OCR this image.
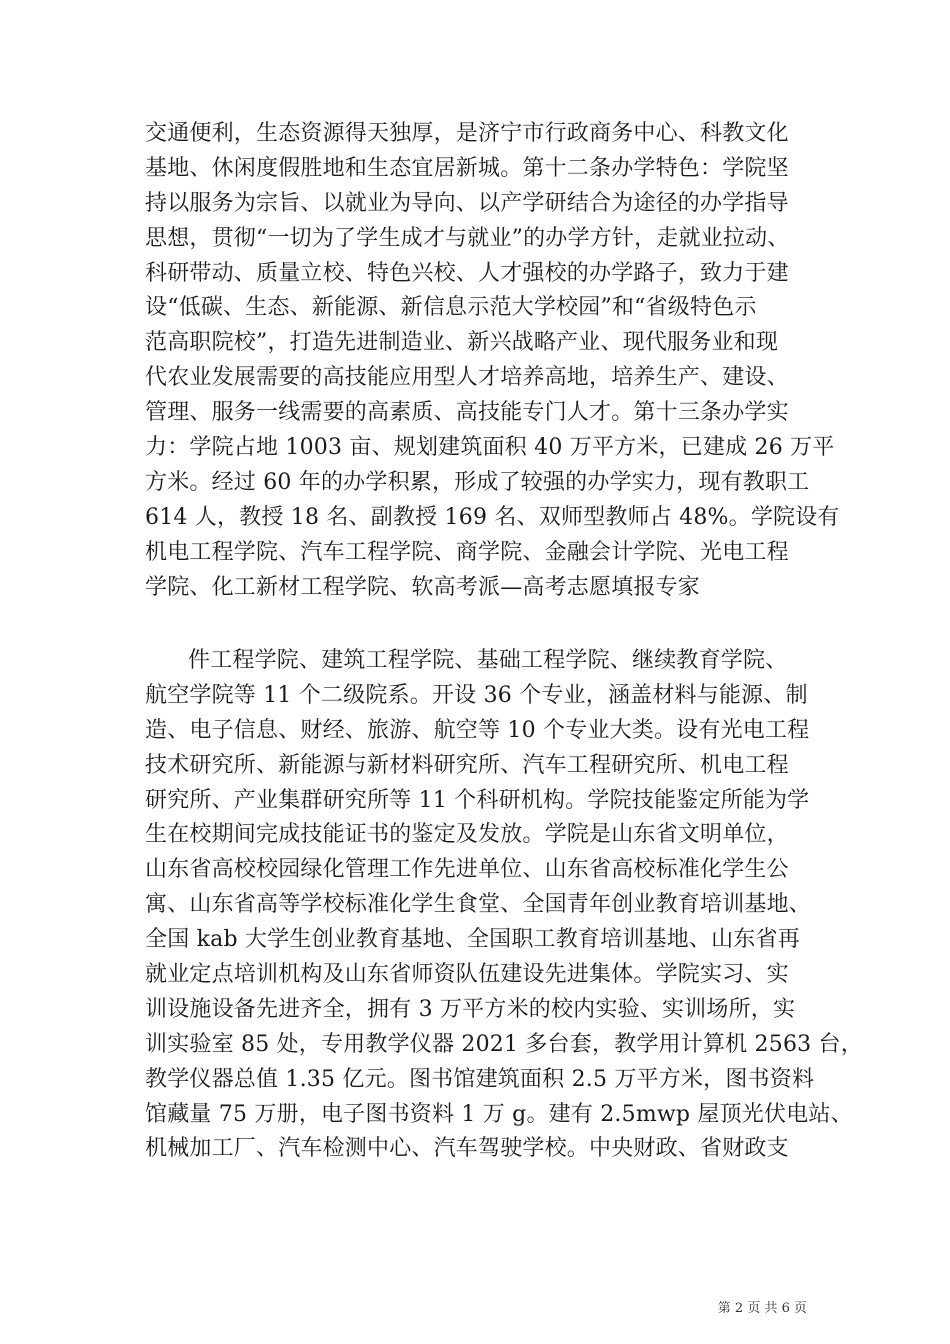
交通便利，生态资源得天独厚，是济宁市行政商务中心、科教文化
基地、休闲度假胜地和生态宜居新城。第十二条办学特色：学院坚
持以服务为宗旨、以就业为导向、以产学研结合为途径的办学指导
思想，贯彻“一切为了学生成才与就业”的办学方针，走就业拉动、
科研带动、质量立校、特色兴校、人才强校的办学路子，致力于建
设“低碳、生态、新能源、新信息示范大学校园”和“省级特色示
范高职院校”，打造先进制造业、新兴战略产业、现代服务业和现
代农业发展需要的高技能应用型人才培养高地，培养生产、建设、
管理、服务一线需要的高素质、高技能专门人才。第十三条办学实
力：学院占地 1003 亩、规划建筑面积 40 万平方米，已建成 26 万平
方米。经过 60 年的办学积累，形成了较强的办学实力，现有教职工
614 人，教授 18 名、副教授 169 名、双师型教师占 48%。学院设有
机电工程学院、汽车工程学院、商学院、金融会计学院、光电工程
学院、化工新材工程学院、软高考派—高考志愿填报专家
件工程学院、建筑工程学院、基础工程学院、继续教育学院、
航空学院等 11 个二级院系。开设 36 个专业，涵盖材料与能源、制
造、电子信息、财经、旅游、航空等 10 个专业大类。设有光电工程
技术研究所、新能源与新材料研究所、汽车工程研究所、机电工程
研究所、产业集群研究所等 11 个科研机构。学院技能鉴定所能为学
生在校期间完成技能证书的鉴定及发放。学院是山东省文明单位，
山东省高校校园绿化管理工作先进单位、山东省高校标准化学生公
寓、山东省高等学校标准化学生食堂、全国青年创业教育培训基地、
全国 kab 大学生创业教育基地、全国职工教育培训基地、山东省再
就业定点培训机构及山东省师资队伍建设先进集体。学院实习、实
训设施设备先进齐全，拥有 3 万平方米的校内实验、实训场所，实
训实验室 85 处，专用教学仪器 2021 多台套，教学用计算机 2563 台，
教学仪器总值 1.35 亿元。图书馆建筑面积 2.5 万平方米，图书资料
馆藏量 75 万册，电子图书资料 1 万 g。建有 2.5mwp 屋顶光伏电站、
机械加工厂、汽车检测中心、汽车驾驶学校。中央财政、省财政支
第 2 页 共 6 页
